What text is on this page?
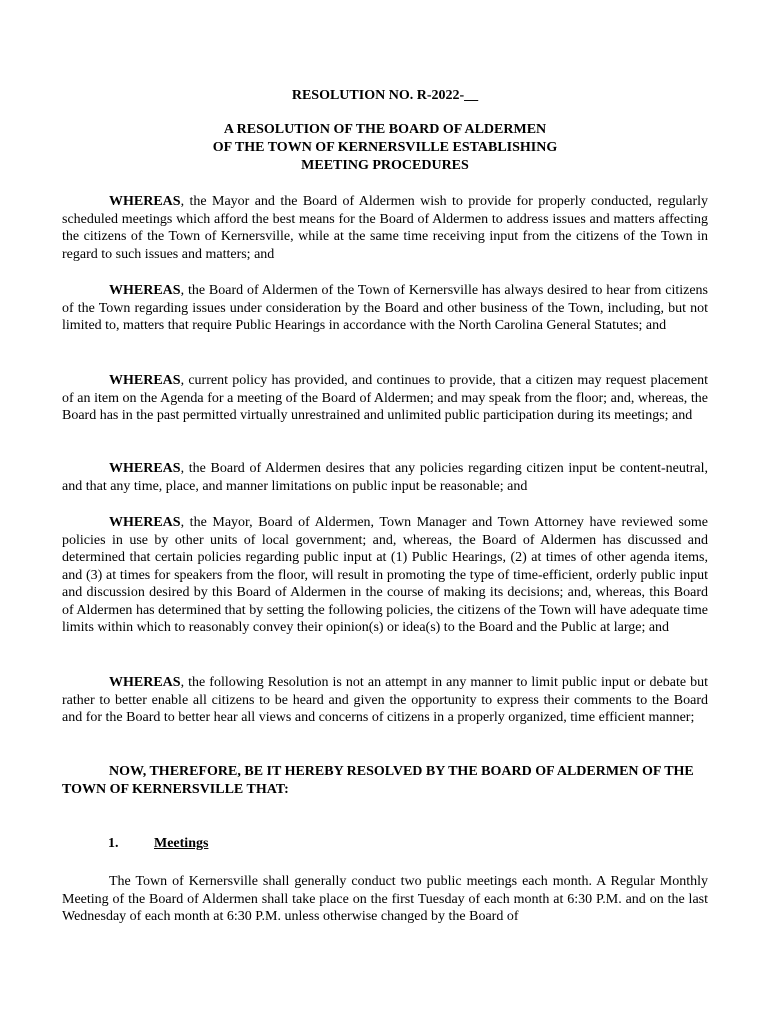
RESOLUTION NO. R-2022-__
A RESOLUTION OF THE BOARD OF ALDERMEN
OF THE TOWN OF KERNERSVILLE ESTABLISHING
MEETING PROCEDURES

WHEREAS, the Mayor and the Board of Aldermen wish to provide for properly conducted, regularly scheduled meetings which afford the best means for the Board of Aldermen to address issues and matters affecting the citizens of the Town of Kernersville, while at the same time receiving input from the citizens of the Town in regard to such issues and matters; and

WHEREAS, the Board of Aldermen of the Town of Kernersville has always desired to hear from citizens of the Town regarding issues under consideration by the Board and other business of the Town, including, but not limited to, matters that require Public Hearings in accordance with the North Carolina General Statutes; and

WHEREAS, current policy has provided, and continues to provide, that a citizen may request placement of an item on the Agenda for a meeting of the Board of Aldermen; and may speak from the floor; and, whereas, the Board has in the past permitted virtually unrestrained and unlimited public participation during its meetings; and

WHEREAS, the Board of Aldermen desires that any policies regarding citizen input be content-neutral, and that any time, place, and manner limitations on public input be reasonable; and

WHEREAS, the Mayor, Board of Aldermen, Town Manager and Town Attorney have reviewed some policies in use by other units of local government; and, whereas, the Board of Aldermen has discussed and determined that certain policies regarding public input at (1) Public Hearings, (2) at times of other agenda items, and (3) at times for speakers from the floor, will result in promoting the type of time-efficient, orderly public input and discussion desired by this Board of Aldermen in the course of making its decisions; and, whereas, this Board of Aldermen has determined that by setting the following policies, the citizens of the Town will have adequate time limits within which to reasonably convey their opinion(s) or idea(s) to the Board and the Public at large; and

WHEREAS, the following Resolution is not an attempt in any manner to limit public input or debate but rather to better enable all citizens to be heard and given the opportunity to express their comments to the Board and for the Board to better hear all views and concerns of citizens in a properly organized, time efficient manner;

NOW, THEREFORE, BE IT HEREBY RESOLVED BY THE BOARD OF ALDERMEN OF THE TOWN OF KERNERSVILLE THAT:

1.	Meetings

The Town of Kernersville shall generally conduct two public meetings each month. A Regular Monthly Meeting of the Board of Aldermen shall take place on the first Tuesday of each month at 6:30 P.M. and on the last Wednesday of each month at 6:30 P.M. unless otherwise changed by the Board of
